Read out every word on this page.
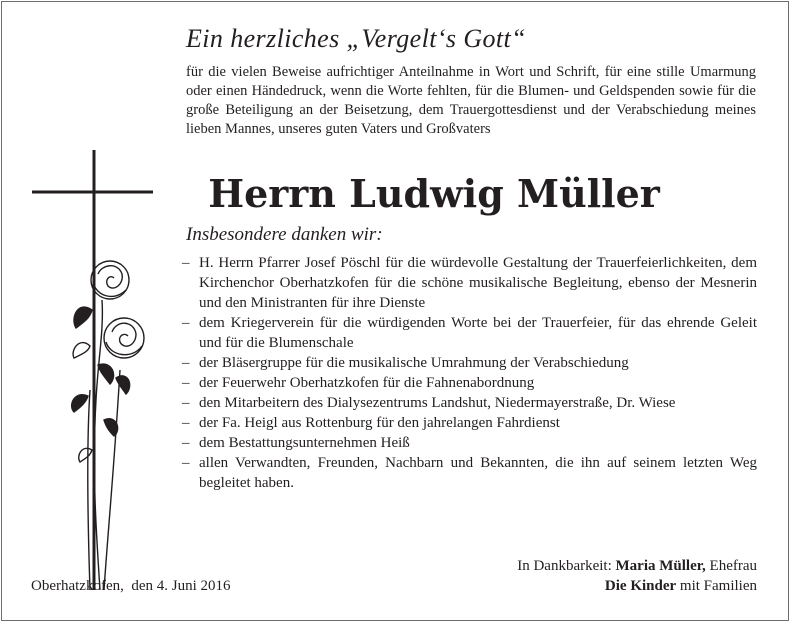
Ein herzliches „Vergelt‘s Gott“

für die vielen Beweise aufrichtiger Anteilnahme in Wort und Schrift, für eine stille Umarmung oder einen Händedruck, wenn die Worte fehlten, für die Blumen- und Geldspenden sowie für die große Beteiligung an der Beisetzung, dem Trauergottesdienst und der Verabschiedung meines lieben Mannes, unseres guten Vaters und Großvaters

Herrn Ludwig Müller
Insbesondere danken wir:
– H. Herrn Pfarrer Josef Pöschl für die würdevolle Gestaltung der Trauerfeierlichkeiten, dem Kirchenchor Oberhatzkofen für die schöne musikalische Begleitung, ebenso der Mesnerin und den Ministranten für ihre Dienste
– dem Kriegerverein für die würdigenden Worte bei der Trauerfeier, für das ehrende Geleit und für die Blumenschale
– der Bläsergruppe für die musikalische Umrahmung der Verabschiedung
– der Feuerwehr Oberhatzkofen für die Fahnenabordnung
– den Mitarbeitern des Dialysezentrums Landshut, Niedermayerstraße, Dr. Wiese
– der Fa. Heigl aus Rottenburg für den jahrelangen Fahrdienst
– dem Bestattungsunternehmen Heiß
– allen Verwandten, Freunden, Nachbarn und Bekannten, die ihn auf seinem letzten Weg begleitet haben.
In Dankbarkeit: Maria Müller, Ehefrau
Die Kinder mit Familien
Oberhatzkofen,  den 4. Juni 2016
